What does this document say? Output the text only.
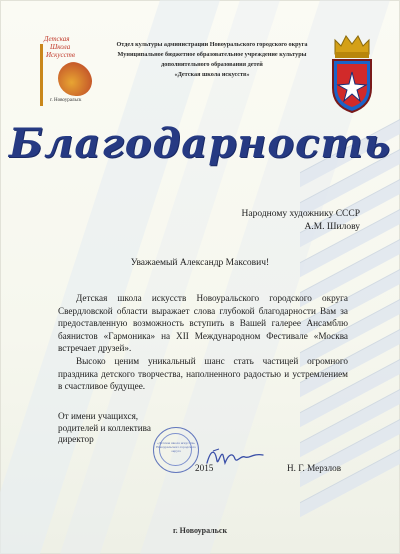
Детская
Школа
Искусств
г. Новоуральск
Отдел культуры администрации Новоуральского городского округа
Муниципальное бюджетное образовательное учреждение культуры
дополнительного образования детей
«Детская школа искусств»
Благодарность
Народному художнику СССР
А.М. Шилову
Уважаемый Александр Максович!

Детская школа искусств Новоуральского городского округа Свердловской области выражает слова глубокой благодарности Вам за предоставленную возможность вступить в Вашей галерее Ансамблю баянистов «Гармоника» на XII Международном Фестивале «Москва встречает друзей».

Высоко ценим уникальный шанс стать частицей огромного праздника детского творчества, наполненного радостью и устремлением в счастливое будущее.

От имени учащихся,
родителей и коллектива
директор	«Детская школа искусств» Новоуральского городского округа
2015	Н. Г. Мерзлов
г. Новоуральск
